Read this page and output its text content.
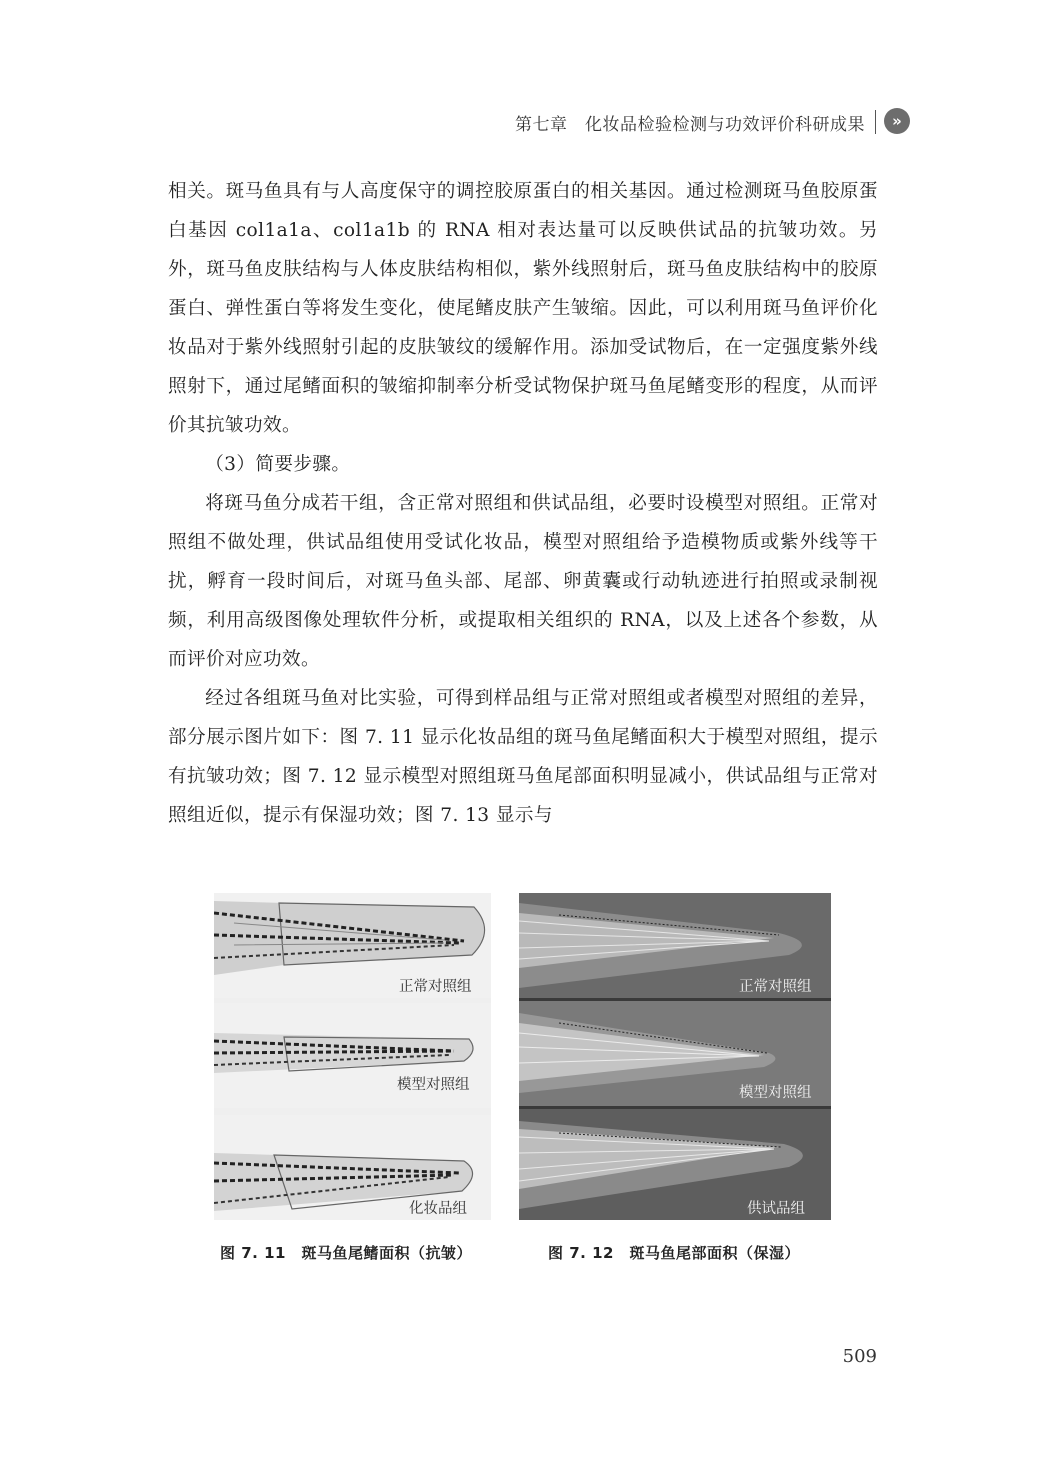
第七章　化妆品检验检测与功效评价科研成果	»

相关。斑马鱼具有与人高度保守的调控胶原蛋白的相关基因。通过检测斑马鱼胶原蛋白基因 col1a1a、col1a1b 的 RNA 相对表达量可以反映供试品的抗皱功效。另外，斑马鱼皮肤结构与人体皮肤结构相似，紫外线照射后，斑马鱼皮肤结构中的胶原蛋白、弹性蛋白等将发生变化，使尾鳍皮肤产生皱缩。因此，可以利用斑马鱼评价化妆品对于紫外线照射引起的皮肤皱纹的缓解作用。添加受试物后，在一定强度紫外线照射下，通过尾鳍面积的皱缩抑制率分析受试物保护斑马鱼尾鳍变形的程度，从而评价其抗皱功效。

（3）简要步骤。

将斑马鱼分成若干组，含正常对照组和供试品组，必要时设模型对照组。正常对照组不做处理，供试品组使用受试化妆品，模型对照组给予造模物质或紫外线等干扰，孵育一段时间后，对斑马鱼头部、尾部、卵黄囊或行动轨迹进行拍照或录制视频，利用高级图像处理软件分析，或提取相关组织的 RNA，以及上述各个参数，从而评价对应功效。

经过各组斑马鱼对比实验，可得到样品组与正常对照组或者模型对照组的差异，部分展示图片如下：图 7. 11 显示化妆品组的斑马鱼尾鳍面积大于模型对照组，提示有抗皱功效；图 7. 12 显示模型对照组斑马鱼尾部面积明显减小，供试品组与正常对照组近似，提示有保湿功效；图 7. 13 显示与

正常对照组
模型对照组
化妆品组
正常对照组
模型对照组
供试品组
图 7. 11　斑马鱼尾鳍面积（抗皱）	图 7. 12　斑马鱼尾部面积（保湿）
509
